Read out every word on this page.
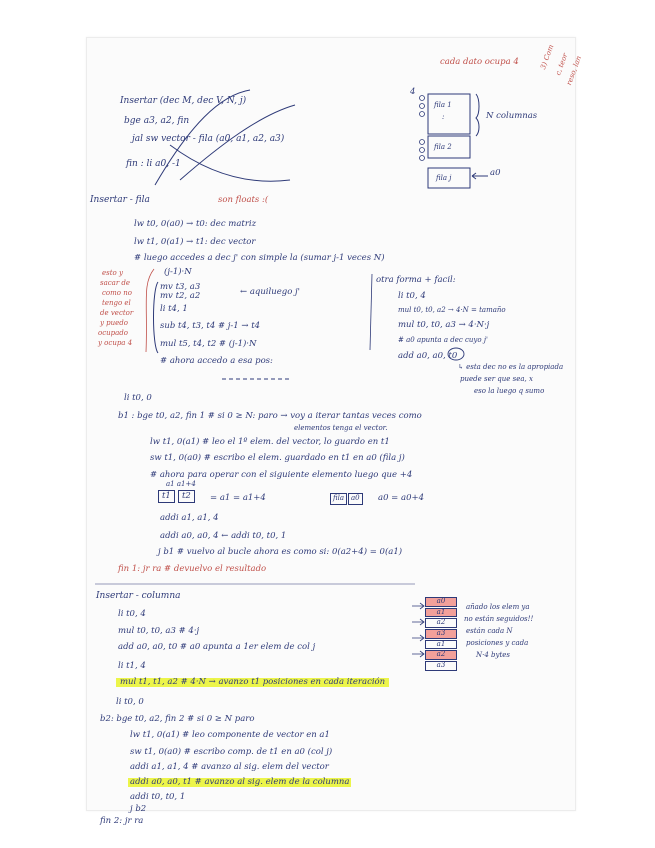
cada dato ocupa 4	3) Com
c, teor
reso, lan
Insertar (dec M, dec V, N, j)
bge a3, a2, fin
jal sw vector - fila (a0, a1, a2, a3)
fin : li a0, -1
4
fila 1
:
fila 2
fila j
N columnas
a0
Insertar - fila	son floats :(
lw t0, 0(a0) → t0: dec matriz
lw t1, 0(a1) → t1: dec vector
# luego accedes a dec j' con simple la (sumar j-1 veces N)
(j-1)·N
mv t3, a3
mv t2, a2
li t4, 1
sub t4, t3, t4 # j-1 → t4
mul t5, t4, t2 # (j-1)·N
# ahora accedo a esa pos:
← aquiluego j'
esto y
sacar de
como no
tengo el
de vector
y puedo
ocupado
y ocupa 4
otra forma + facil:
li t0, 4
mul t0, t0, a2 → 4·N = tamaño
mul t0, t0, a3 → 4·N·j
# a0 apunta a dec cuyo j'
add a0, a0, t0
↳ esta dec no es la apropiada
puede ser que sea, x
eso la luego q sumo
li t0, 0
b1 : bge t0, a2, fin 1 # si 0 ≥ N: paro → voy a iterar tantas veces como
elementos tenga el vector.
lw t1, 0(a1) # leo el 1º elem. del vector, lo guardo en t1
sw t1, 0(a0) # escribo el elem. guardado en t1 en a0 (fila j)
# ahora para operar con el siguiente elemento luego que +4
a1 a1+4
t1	t2	= a1 = a1+4	fila a0	a0 = a0+4
addi a1, a1, 4
addi a0, a0, 4 ← addi t0, t0, 1
j b1 # vuelvo al bucle ahora es como si: 0(a2+4) = 0(a1)
fin 1: jr ra # devuelvo el resultado
Insertar - columna
li t0, 4
mul t0, t0, a3 # 4·j
add a0, a0, t0 # a0 apunta a 1er elem de col j
li t1, 4
mul t1, t1, a2 # 4·N → avanzo t1 posiciones en cada iteración
li t0, 0
b2: bge t0, a2, fin 2 # si 0 ≥ N paro
lw t1, 0(a1) # leo componente de vector en a1
sw t1, 0(a0) # escribo comp. de t1 en a0 (col j)
addi a1, a1, 4 # avanzo al sig. elem del vector
addi a0, a0, t1 # avanzo al sig. elem de la columna
addi t0, t0, 1
j b2
fin 2: jr ra
a0
a1
a2
a3
a1
a2
a3
añado los elem ya
no están seguidos!!
están cada N
posiciones y cada
N·4 bytes
